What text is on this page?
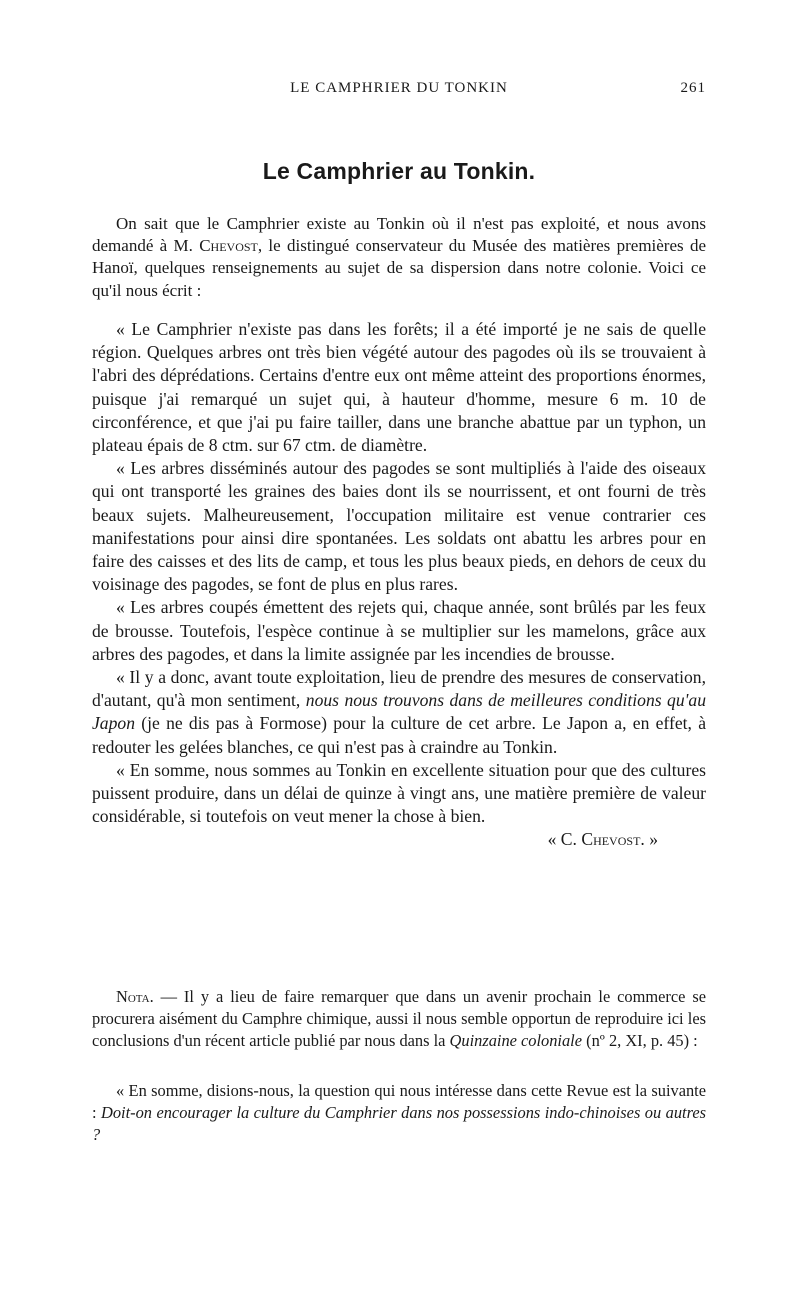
LE CAMPHRIER DU TONKIN	261
Le Camphrier au Tonkin.

On sait que le Camphrier existe au Tonkin où il n'est pas exploité, et nous avons demandé à M. Chevost, le distingué conservateur du Musée des matières premières de Hanoï, quelques renseignements au sujet de sa dispersion dans notre colonie. Voici ce qu'il nous écrit :

« Le Camphrier n'existe pas dans les forêts; il a été importé je ne sais de quelle région. Quelques arbres ont très bien végété autour des pagodes où ils se trouvaient à l'abri des déprédations. Certains d'entre eux ont même atteint des proportions énormes, puisque j'ai remarqué un sujet qui, à hauteur d'homme, mesure 6 m. 10 de circonférence, et que j'ai pu faire tailler, dans une branche abattue par un typhon, un plateau épais de 8 ctm. sur 67 ctm. de diamètre.

« Les arbres disséminés autour des pagodes se sont multipliés à l'aide des oiseaux qui ont transporté les graines des baies dont ils se nourrissent, et ont fourni de très beaux sujets. Malheureusement, l'occupation militaire est venue contrarier ces manifestations pour ainsi dire spontanées. Les soldats ont abattu les arbres pour en faire des caisses et des lits de camp, et tous les plus beaux pieds, en dehors de ceux du voisinage des pagodes, se font de plus en plus rares.

« Les arbres coupés émettent des rejets qui, chaque année, sont brûlés par les feux de brousse. Toutefois, l'espèce continue à se multiplier sur les mamelons, grâce aux arbres des pagodes, et dans la limite assignée par les incendies de brousse.

« Il y a donc, avant toute exploitation, lieu de prendre des mesures de conservation, d'autant, qu'à mon sentiment, nous nous trouvons dans de meilleures conditions qu'au Japon (je ne dis pas à Formose) pour la culture de cet arbre. Le Japon a, en effet, à redouter les gelées blanches, ce qui n'est pas à craindre au Tonkin.

« En somme, nous sommes au Tonkin en excellente situation pour que des cultures puissent produire, dans un délai de quinze à vingt ans, une matière première de valeur considérable, si toutefois on veut mener la chose à bien.

« C. Chevost. »

Nota. — Il y a lieu de faire remarquer que dans un avenir prochain le commerce se procurera aisément du Camphre chimique, aussi il nous semble opportun de reproduire ici les conclusions d'un récent article publié par nous dans la Quinzaine coloniale (nº 2, XI, p. 45) :

« En somme, disions-nous, la question qui nous intéresse dans cette Revue est la suivante : Doit-on encourager la culture du Camphrier dans nos possessions indo-chinoises ou autres ?
